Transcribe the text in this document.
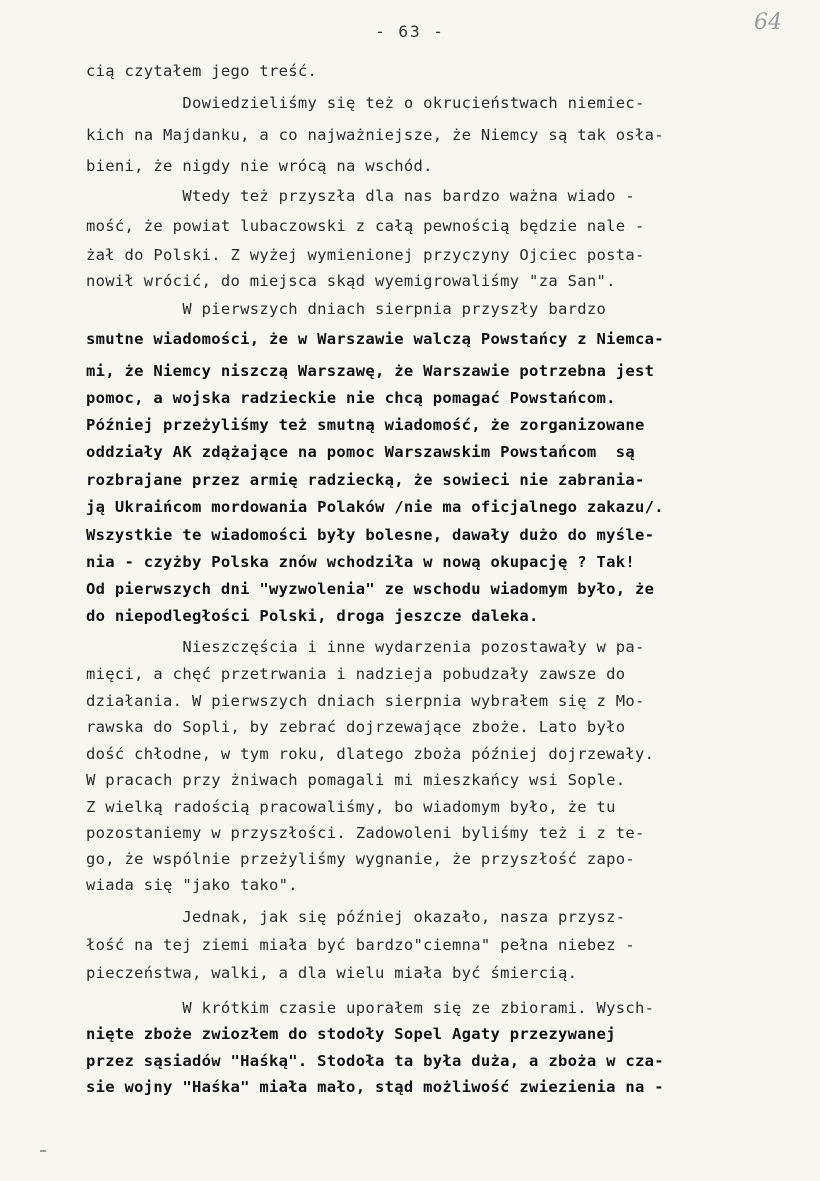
- 63 -	64
cią czytałem jego treść.
Dowiedzieliśmy się też o okrucieństwach niemiec-
kich na Majdanku, a co najważniejsze, że Niemcy są tak osła-
bieni, że nigdy nie wrócą na wschód.
Wtedy też przyszła dla nas bardzo ważna wiado -
mość, że powiat lubaczowski z całą pewnością będzie nale -
żał do Polski. Z wyżej wymienionej przyczyny Ojciec posta-
nowił wrócić, do miejsca skąd wyemigrowaliśmy "za San".
W pierwszych dniach sierpnia przyszły bardzo
smutne wiadomości, że w Warszawie walczą Powstańcy z Niemca-
mi, że Niemcy niszczą Warszawę, że Warszawie potrzebna jest
pomoc, a wojska radzieckie nie chcą pomagać Powstańcom.
Później przeżyliśmy też smutną wiadomość, że zorganizowane
oddziały AK zdążające na pomoc Warszawskim Powstańcom  są
rozbrajane przez armię radziecką, że sowieci nie zabrania-
ją Ukraińcom mordowania Polaków /nie ma oficjalnego zakazu/.
Wszystkie te wiadomości były bolesne, dawały dużo do myśle-
nia - czyżby Polska znów wchodziła w nową okupację ? Tak!
Od pierwszych dni "wyzwolenia" ze wschodu wiadomym było, że
do niepodległości Polski, droga jeszcze daleka.
Nieszczęścia i inne wydarzenia pozostawały w pa-
mięci, a chęć przetrwania i nadzieja pobudzały zawsze do
działania. W pierwszych dniach sierpnia wybrałem się z Mo-
rawska do Sopli, by zebrać dojrzewające zboże. Lato było
dość chłodne, w tym roku, dlatego zboża później dojrzewały.
W pracach przy żniwach pomagali mi mieszkańcy wsi Sople.
Z wielką radością pracowaliśmy, bo wiadomym było, że tu
pozostaniemy w przyszłości. Zadowoleni byliśmy też i z te-
go, że wspólnie przeżyliśmy wygnanie, że przyszłość zapo-
wiada się "jako tako".
Jednak, jak się później okazało, nasza przysz-
łość na tej ziemi miała być bardzo"ciemna" pełna niebez -
pieczeństwa, walki, a dla wielu miała być śmiercią.
W krótkim czasie uporałem się ze zbiorami. Wysch-
nięte zboże zwiozłem do stodoły Sopel Agaty przezywanej
przez sąsiadów "Haśką". Stodoła ta była duża, a zboża w cza-
sie wojny "Haśka" miała mało, stąd możliwość zwiezienia na -
